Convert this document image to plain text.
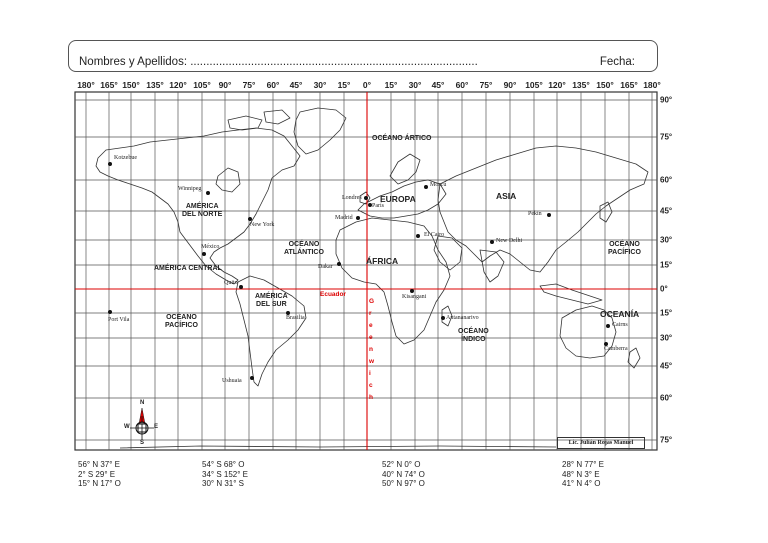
Nombres y Apellidos: ..........................................................................................	Fecha:
180° 165° 150° 135° 120° 105° 90° 75° 60° 45° 30° 15° 0° 15° 30° 45° 60° 75° 90° 105° 120° 135° 150° 165° 180°
90°
75°
60°
45°
30°
15°
0°
15°
30°
45°
60°
75°
OCÉANO ÁRTICO
EUROPA	ASIA
AMÉRICA
DEL NORTE
OCÉANO
ATLÁNTICO
OCÉANO
PACÍFICO
ÁFRICA
AMÉRICA CENTRAL
AMÉRICA
DEL SUR
OCEANÍA
OCÉANO
PACÍFICO
OCÉANO
ÍNDICO
Kotzebue
Winnipeg
New York
México
Quito
Brasilia
Ushuaia
Port Vila
Londres
París
Madrid
Dakar
Moscú
El Cairo
Kisangani
Antananarivo
New Delhi
Pekin
Cairns
Camberra
Ecuador
G
r
e
e
n
w
i
c
h
N
S
E
W
Lic. Julián Rojas Manuel
56° N 37° E
2° S 29° E
15° N 17° O
54° S 68° O
34° S 152° E
30° N 31° S
52° N 0° O
40° N 74° O
50° N 97° O
28° N 77° E
48° N 3° E
41° N 4° O
